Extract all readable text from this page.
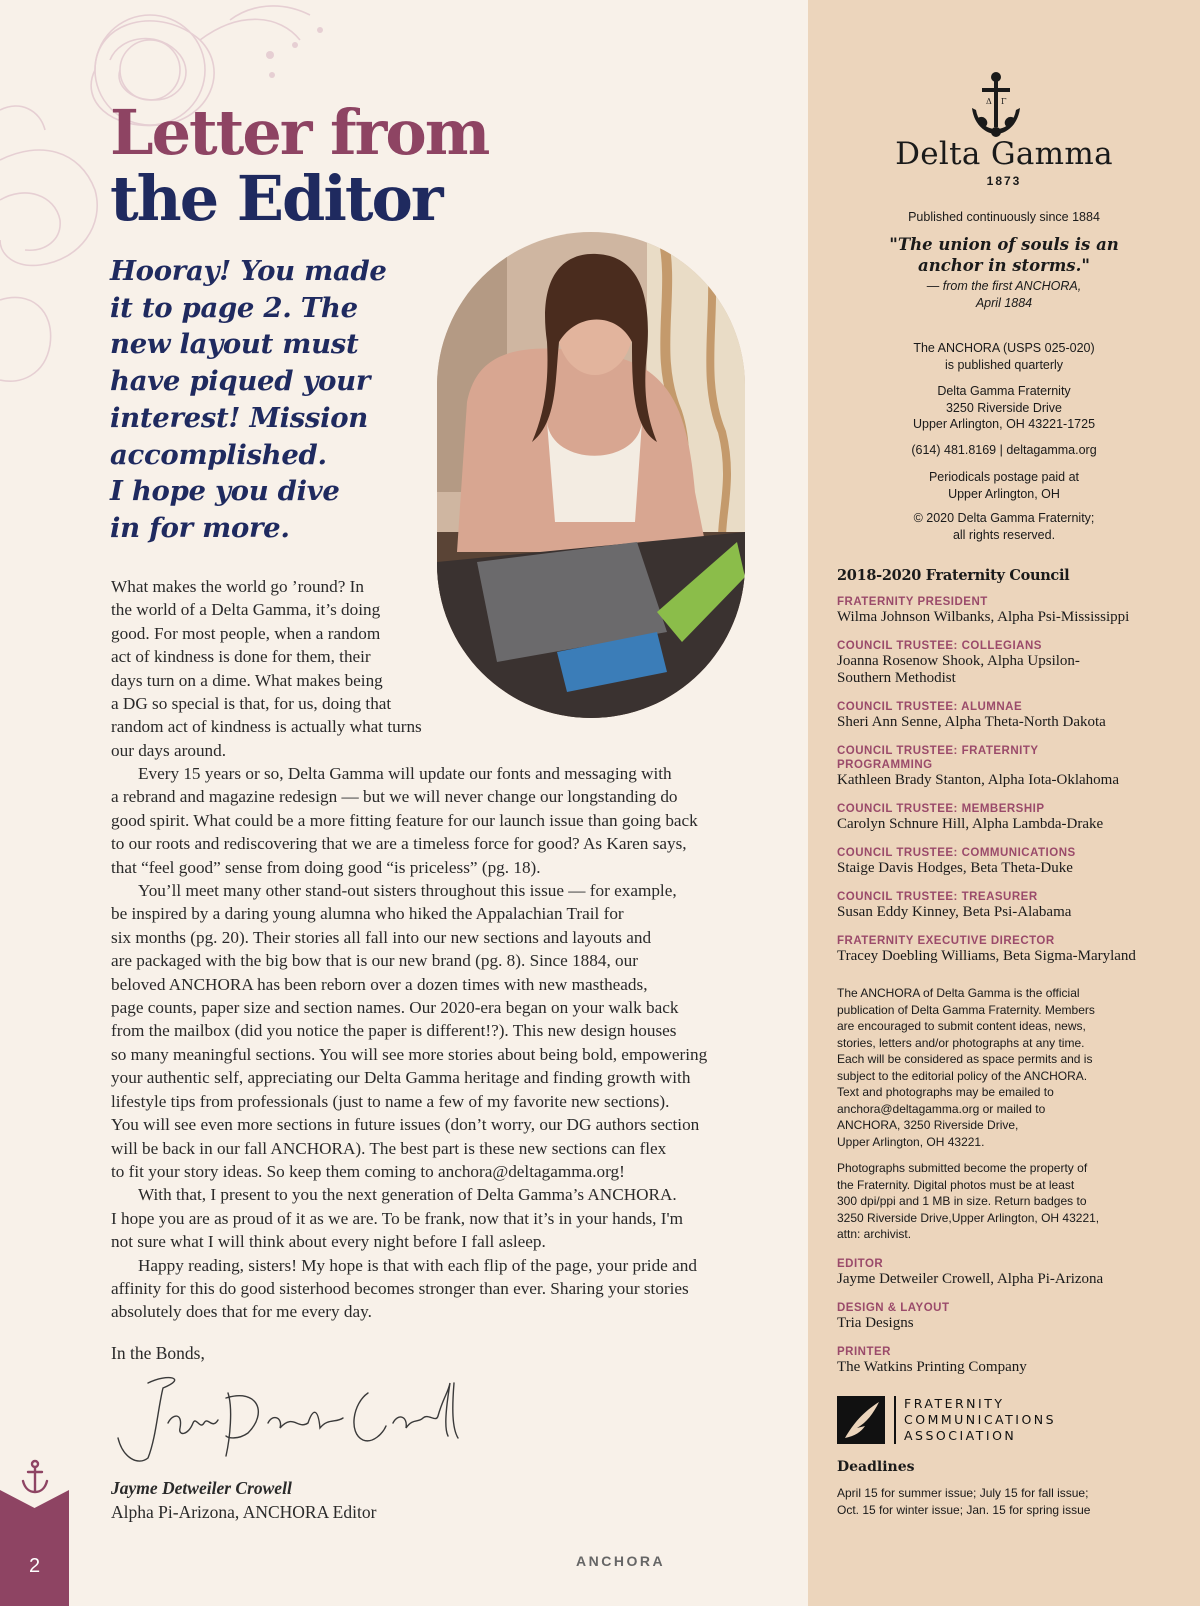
Letter from
the Editor
Hooray! You made
it to page 2. The
new layout must
have piqued your
interest! Mission
accomplished.
I hope you dive
in for more.
What makes the world go ’round? In
the world of a Delta Gamma, it’s doing
good. For most people, when a random
act of kindness is done for them, their
days turn on a dime. What makes being
a DG so special is that, for us, doing that
random act of kindness is actually what turns
our days around.
Every 15 years or so, Delta Gamma will update our fonts and messaging with
a rebrand and magazine redesign — but we will never change our longstanding do
good spirit. What could be a more fitting feature for our launch issue than going back
to our roots and rediscovering that we are a timeless force for good? As Karen says,
that “feel good” sense from doing good “is priceless” (pg. 18).
You’ll meet many other stand-out sisters throughout this issue — for example,
be inspired by a daring young alumna who hiked the Appalachian Trail for
six months (pg. 20). Their stories all fall into our new sections and layouts and
are packaged with the big bow that is our new brand (pg. 8). Since 1884, our
beloved ANCHORA has been reborn over a dozen times with new mastheads,
page counts, paper size and section names. Our 2020-era began on your walk back
from the mailbox (did you notice the paper is different!?). This new design houses
so many meaningful sections. You will see more stories about being bold, empowering
your authentic self, appreciating our Delta Gamma heritage and finding growth with
lifestyle tips from professionals (just to name a few of my favorite new sections).
You will see even more sections in future issues (don’t worry, our DG authors section
will be back in our fall ANCHORA). The best part is these new sections can flex
to fit your story ideas. So keep them coming to anchora@deltagamma.org!
With that, I present to you the next generation of Delta Gamma’s ANCHORA.
I hope you are as proud of it as we are. To be frank, now that it’s in your hands, I'm
not sure what I will think about every night before I fall asleep.
Happy reading, sisters! My hope is that with each flip of the page, your pride and
affinity for this do good sisterhood becomes stronger than ever. Sharing your stories
absolutely does that for me every day.
In the Bonds,
Jayme Detweiler Crowell
Alpha Pi-Arizona, ANCHORA Editor
2	ANCHORA
Δ Γ
Delta Gamma
1873
Published continuously since 1884
"The union of souls is an
anchor in storms."
— from the first ANCHORA,
April 1884
The ANCHORA (USPS 025-020)
is published quarterly
Delta Gamma Fraternity
3250 Riverside Drive
Upper Arlington, OH 43221-1725
(614) 481.8169 | deltagamma.org
Periodicals postage paid at
Upper Arlington, OH
© 2020 Delta Gamma Fraternity;
all rights reserved.
2018-2020 Fraternity Council
FRATERNITY PRESIDENT
Wilma Johnson Wilbanks, Alpha Psi-Mississippi
COUNCIL TRUSTEE: COLLEGIANS
Joanna Rosenow Shook, Alpha Upsilon-
Southern Methodist
COUNCIL TRUSTEE: ALUMNAE
Sheri Ann Senne, Alpha Theta-North Dakota
COUNCIL TRUSTEE: FRATERNITY
PROGRAMMING
Kathleen Brady Stanton, Alpha Iota-Oklahoma
COUNCIL TRUSTEE: MEMBERSHIP
Carolyn Schnure Hill, Alpha Lambda-Drake
COUNCIL TRUSTEE: COMMUNICATIONS
Staige Davis Hodges, Beta Theta-Duke
COUNCIL TRUSTEE: TREASURER
Susan Eddy Kinney, Beta Psi-Alabama
FRATERNITY EXECUTIVE DIRECTOR
Tracey Doebling Williams, Beta Sigma-Maryland
The ANCHORA of Delta Gamma is the official
publication of Delta Gamma Fraternity. Members
are encouraged to submit content ideas, news,
stories, letters and/or photographs at any time.
Each will be considered as space permits and is
subject to the editorial policy of the ANCHORA.
Text and photographs may be emailed to
anchora@deltagamma.org or mailed to
ANCHORA, 3250 Riverside Drive,
Upper Arlington, OH 43221.
Photographs submitted become the property of
the Fraternity. Digital photos must be at least
300 dpi/ppi and 1 MB in size. Return badges to
3250 Riverside Drive,Upper Arlington, OH 43221,
attn: archivist.
EDITOR
Jayme Detweiler Crowell, Alpha Pi-Arizona
DESIGN & LAYOUT
Tria Designs
PRINTER
The Watkins Printing Company
FRATERNITY
COMMUNICATIONS
ASSOCIATION
Deadlines
April 15 for summer issue; July 15 for fall issue;
Oct. 15 for winter issue; Jan. 15 for spring issue
